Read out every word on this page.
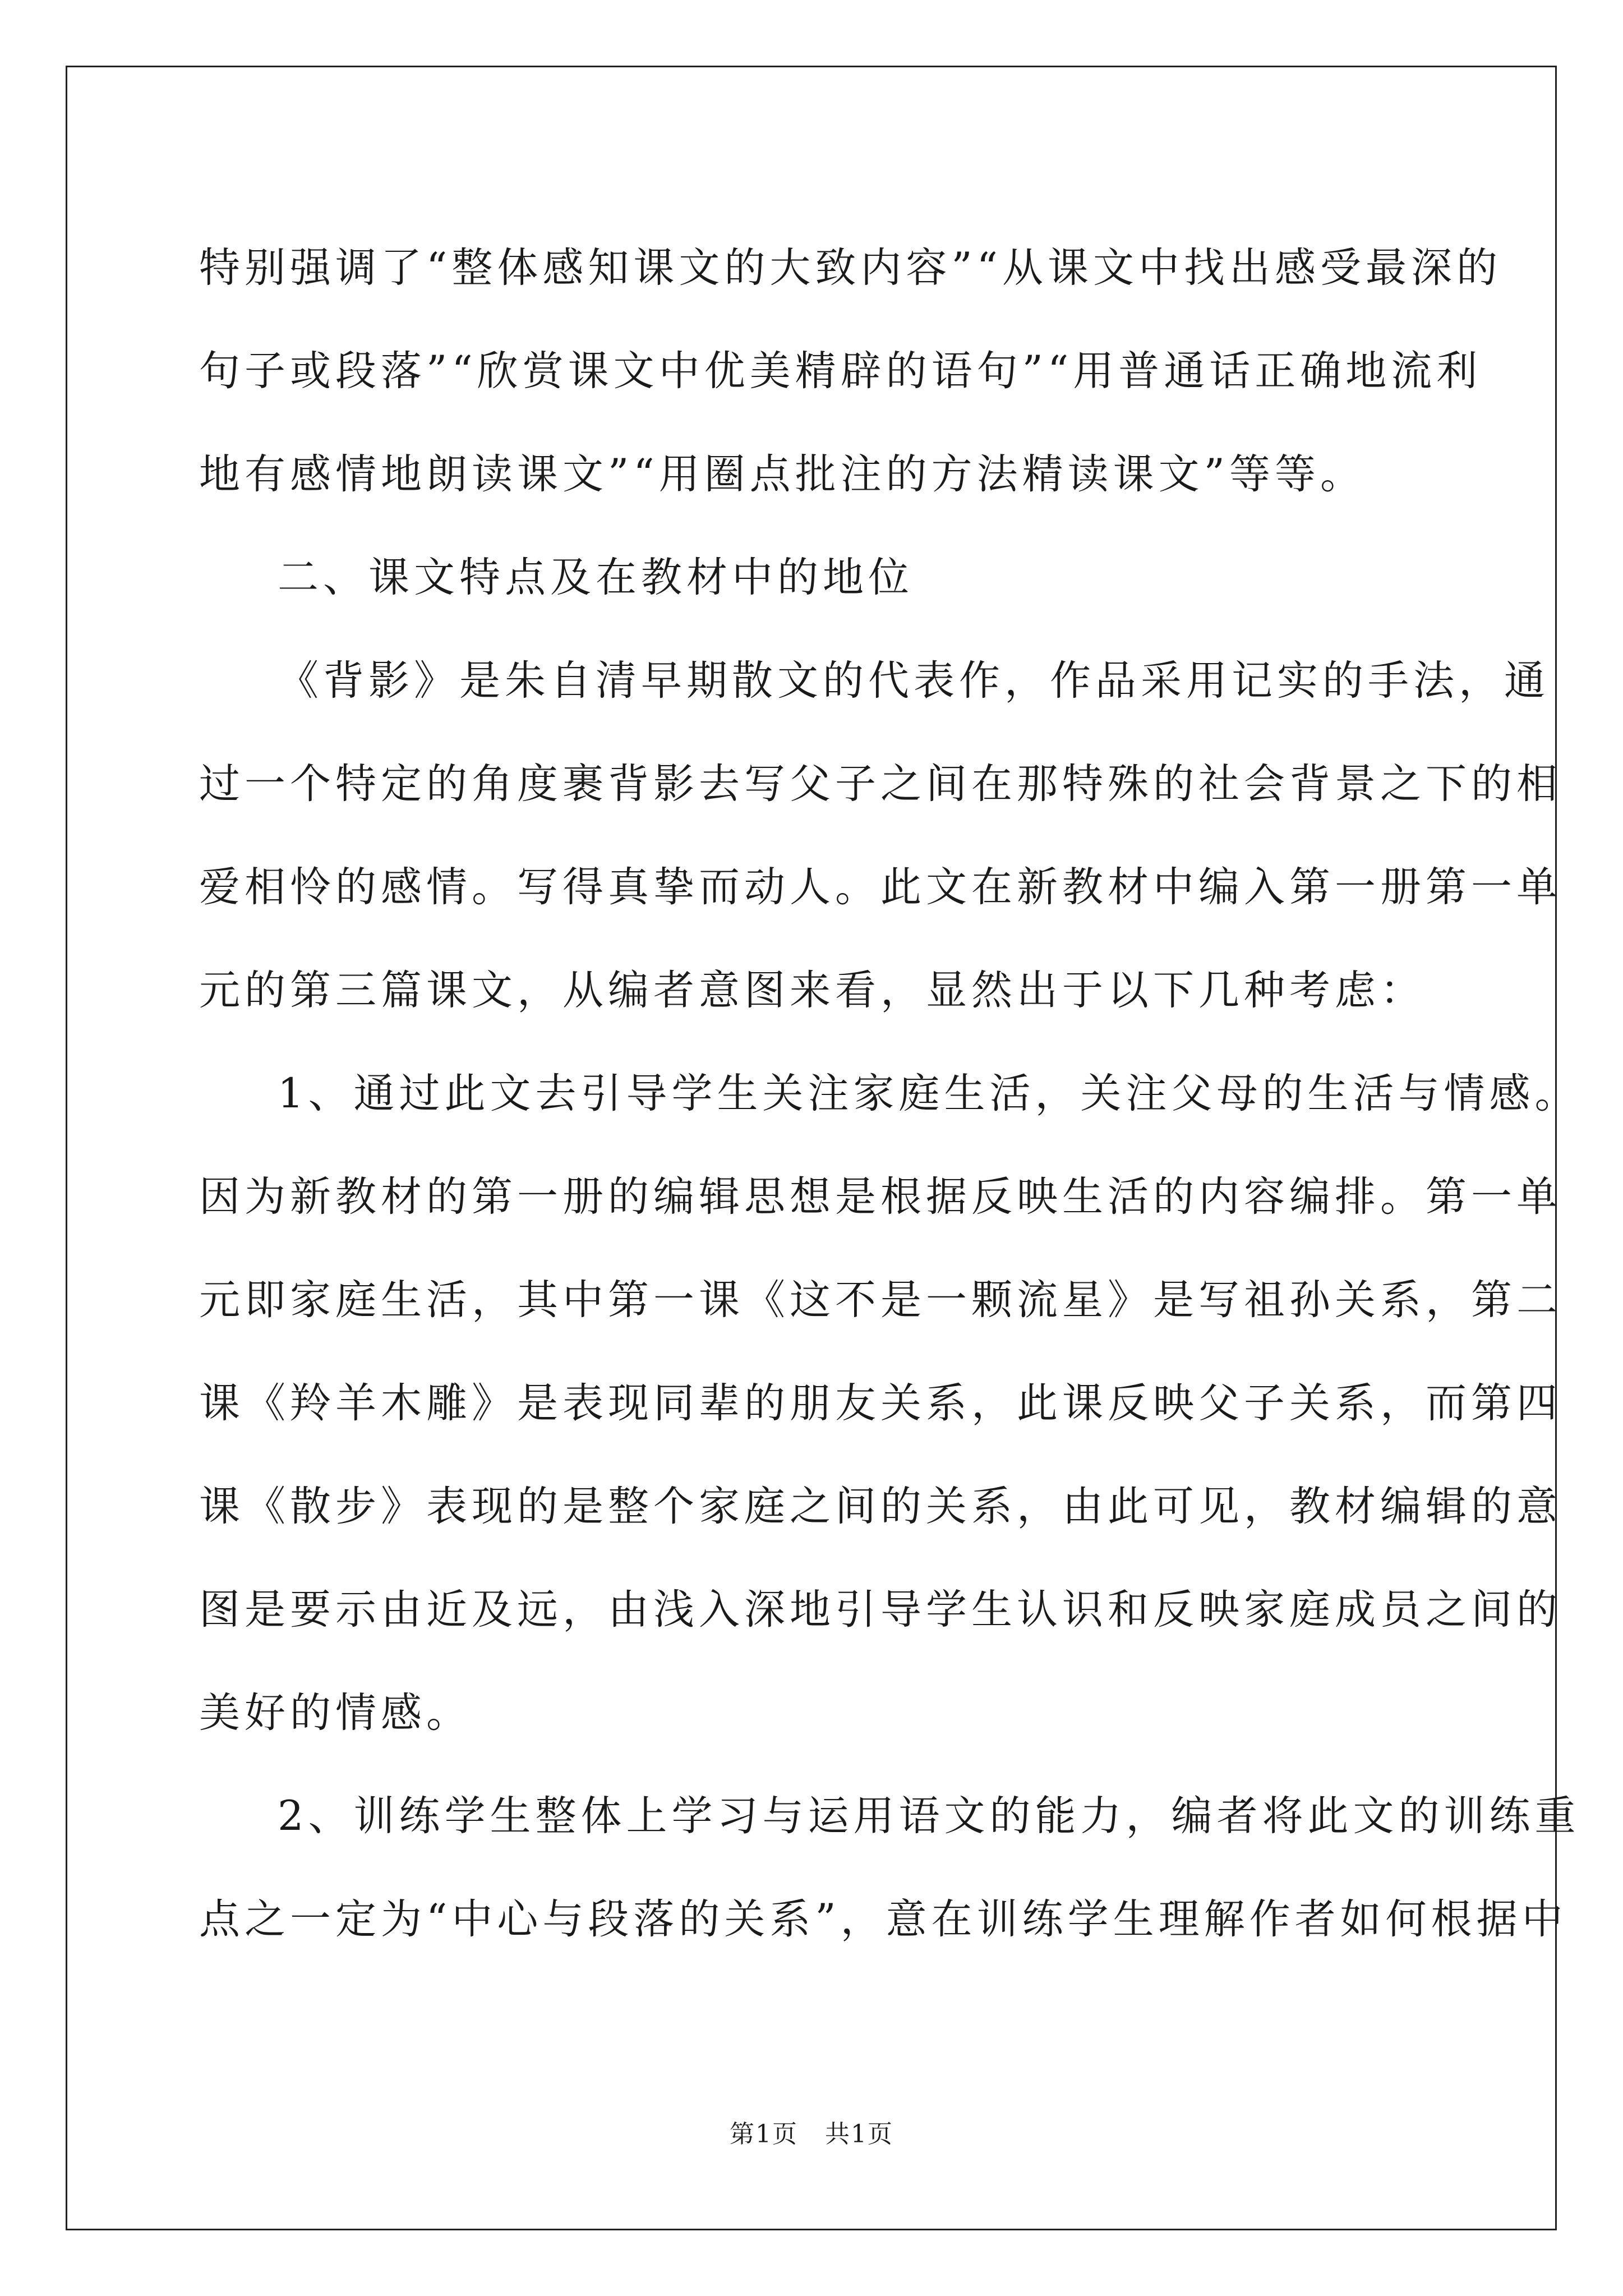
特别强调了“整体感知课文的大致内容”“从课文中找出感受最深的
句子或段落”“欣赏课文中优美精辟的语句”“用普通话正确地流利
地有感情地朗读课文”“用圈点批注的方法精读课文”等等。
二、课文特点及在教材中的地位
《背影》是朱自清早期散文的代表作，作品采用记实的手法，通
过一个特定的角度裹背影去写父子之间在那特殊的社会背景之下的相
爱相怜的感情。写得真挚而动人。此文在新教材中编入第一册第一单
元的第三篇课文，从编者意图来看，显然出于以下几种考虑：
1、通过此文去引导学生关注家庭生活，关注父母的生活与情感。
因为新教材的第一册的编辑思想是根据反映生活的内容编排。第一单
元即家庭生活，其中第一课《这不是一颗流星》是写祖孙关系，第二
课《羚羊木雕》是表现同辈的朋友关系，此课反映父子关系，而第四
课《散步》表现的是整个家庭之间的关系，由此可见，教材编辑的意
图是要示由近及远，由浅入深地引导学生认识和反映家庭成员之间的
美好的情感。
2、训练学生整体上学习与运用语文的能力，编者将此文的训练重
点之一定为“中心与段落的关系”，意在训练学生理解作者如何根据中
第1页   共1页
